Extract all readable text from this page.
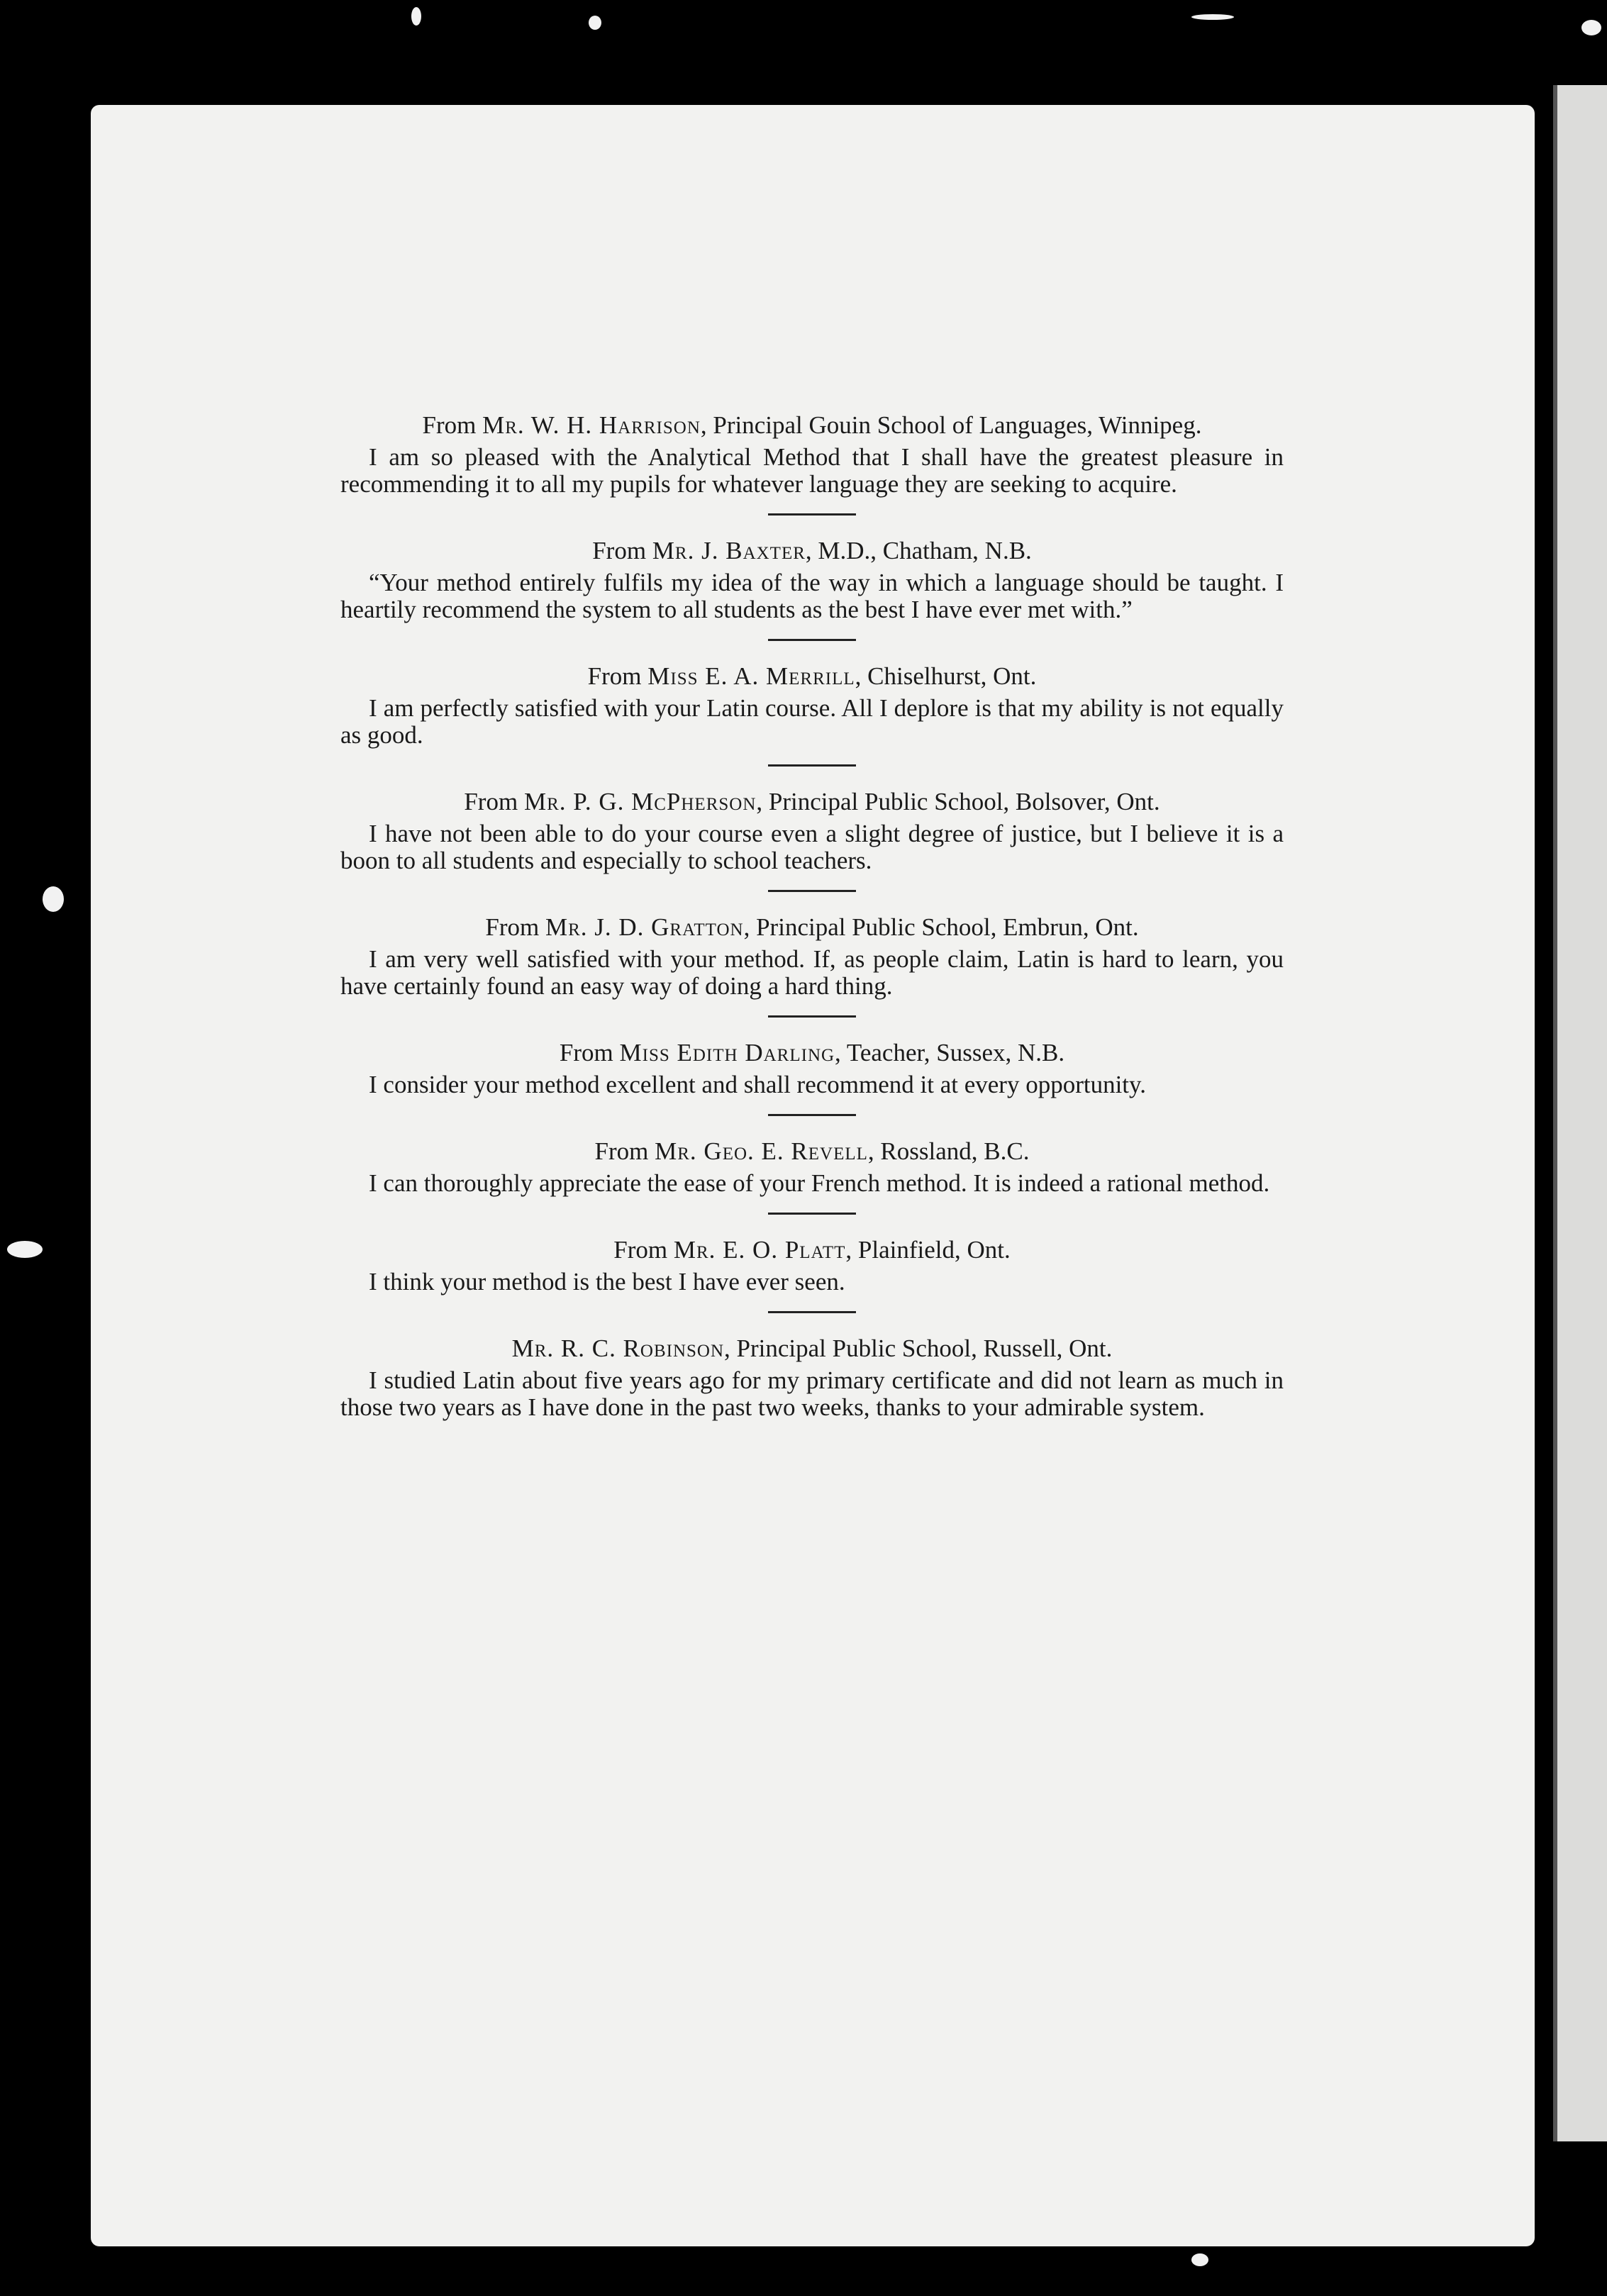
From Mr. W. H. Harrison, Principal Gouin School of Languages, Winnipeg.

I am so pleased with the Analytical Method that I shall have the greatest pleasure in recommending it to all my pupils for whatever language they are seeking to acquire.

From Mr. J. Baxter, M.D., Chatham, N.B.

“Your method entirely fulfils my idea of the way in which a language should be taught. I heartily recommend the system to all students as the best I have ever met with.”

From Miss E. A. Merrill, Chiselhurst, Ont.

I am perfectly satisfied with your Latin course. All I deplore is that my ability is not equally as good.

From Mr. P. G. McPherson, Principal Public School, Bolsover, Ont.

I have not been able to do your course even a slight degree of justice, but I believe it is a boon to all students and especially to school teachers.

From Mr. J. D. Gratton, Principal Public School, Embrun, Ont.

I am very well satisfied with your method. If, as people claim, Latin is hard to learn, you have certainly found an easy way of doing a hard thing.

From Miss Edith Darling, Teacher, Sussex, N.B.

I consider your method excellent and shall recommend it at every opportunity.

From Mr. Geo. E. Revell, Rossland, B.C.

I can thoroughly appreciate the ease of your French method. It is indeed a rational method.

From Mr. E. O. Platt, Plainfield, Ont.

I think your method is the best I have ever seen.

Mr. R. C. Robinson, Principal Public School, Russell, Ont.

I studied Latin about five years ago for my primary certificate and did not learn as much in those two years as I have done in the past two weeks, thanks to your admirable system.
